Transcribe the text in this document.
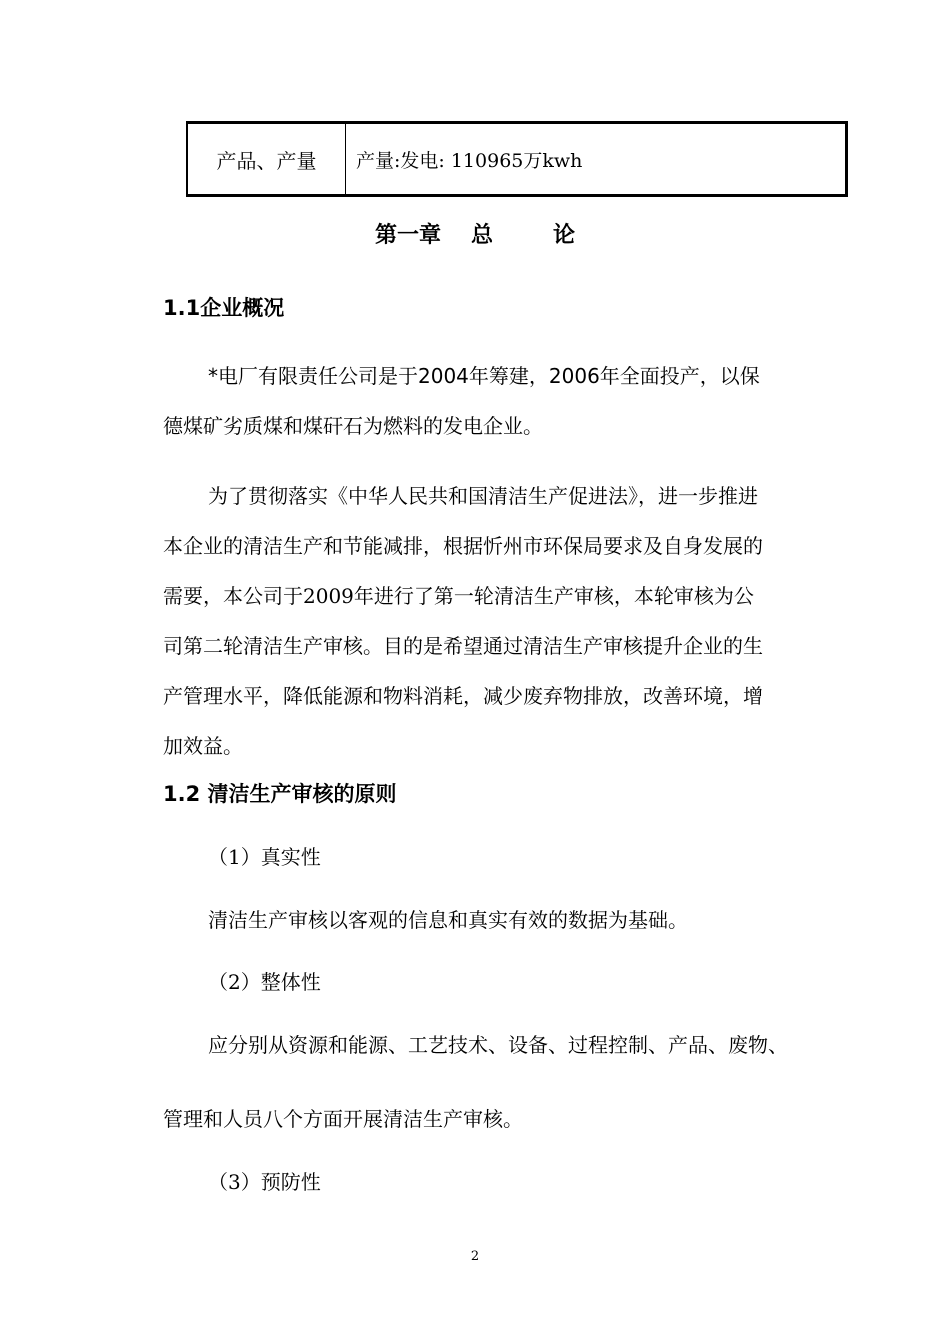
产品、产量	产量:发电: 110965万kwh
第一章 总	论
1.1企业概况
*电厂有限责任公司是于2004年筹建，2006年全面投产，以保
德煤矿劣质煤和煤矸石为燃料的发电企业。
为了贯彻落实《中华人民共和国清洁生产促进法》，进一步推进
本企业的清洁生产和节能减排，根据忻州市环保局要求及自身发展的
需要，本公司于2009年进行了第一轮清洁生产审核，本轮审核为公
司第二轮清洁生产审核。目的是希望通过清洁生产审核提升企业的生
产管理水平，降低能源和物料消耗，减少废弃物排放，改善环境，增
加效益。
1.2 清洁生产审核的原则
（1）真实性
清洁生产审核以客观的信息和真实有效的数据为基础。
（2）整体性
应分别从资源和能源、工艺技术、设备、过程控制、产品、废物、
管理和人员八个方面开展清洁生产审核。
（3）预防性
2
